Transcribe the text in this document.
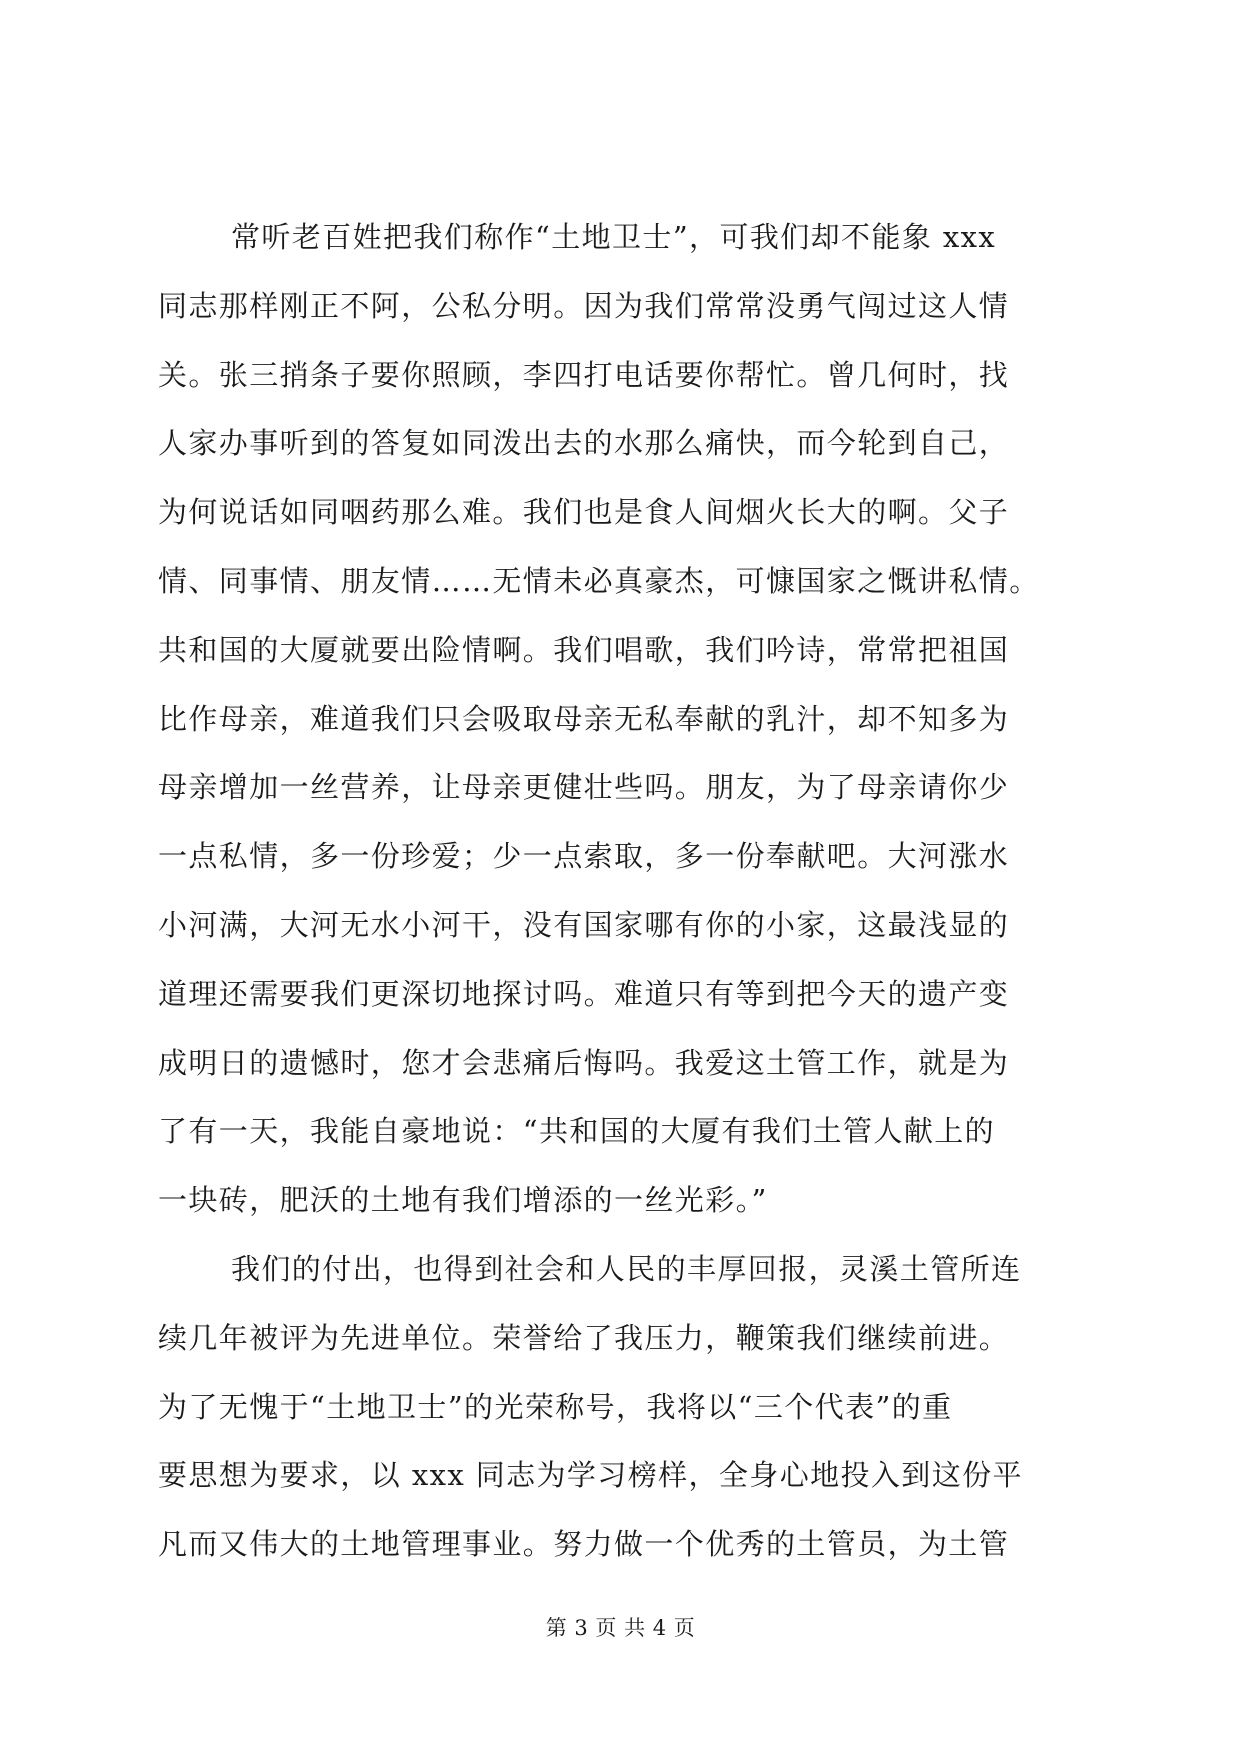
常听老百姓把我们称作“土地卫士”，可我们却不能象 xxx
同志那样刚正不阿，公私分明。因为我们常常没勇气闯过这人情
关。张三捎条子要你照顾，李四打电话要你帮忙。曾几何时，找
人家办事听到的答复如同泼出去的水那么痛快，而今轮到自己，
为何说话如同咽药那么难。我们也是食人间烟火长大的啊。父子
情、同事情、朋友情……无情未必真豪杰，可慷国家之慨讲私情。
共和国的大厦就要出险情啊。我们唱歌，我们吟诗，常常把祖国
比作母亲，难道我们只会吸取母亲无私奉献的乳汁，却不知多为
母亲增加一丝营养，让母亲更健壮些吗。朋友，为了母亲请你少
一点私情，多一份珍爱；少一点索取，多一份奉献吧。大河涨水
小河满，大河无水小河干，没有国家哪有你的小家，这最浅显的
道理还需要我们更深切地探讨吗。难道只有等到把今天的遗产变
成明日的遗憾时，您才会悲痛后悔吗。我爱这土管工作，就是为
了有一天，我能自豪地说：“共和国的大厦有我们土管人献上的
一块砖，肥沃的土地有我们增添的一丝光彩。”
我们的付出，也得到社会和人民的丰厚回报，灵溪土管所连
续几年被评为先进单位。荣誉给了我压力，鞭策我们继续前进。
为了无愧于“土地卫士”的光荣称号，我将以“三个代表”的重
要思想为要求，以 xxx 同志为学习榜样，全身心地投入到这份平
凡而又伟大的土地管理事业。努力做一个优秀的土管员，为土管
第 3 页 共 4 页
